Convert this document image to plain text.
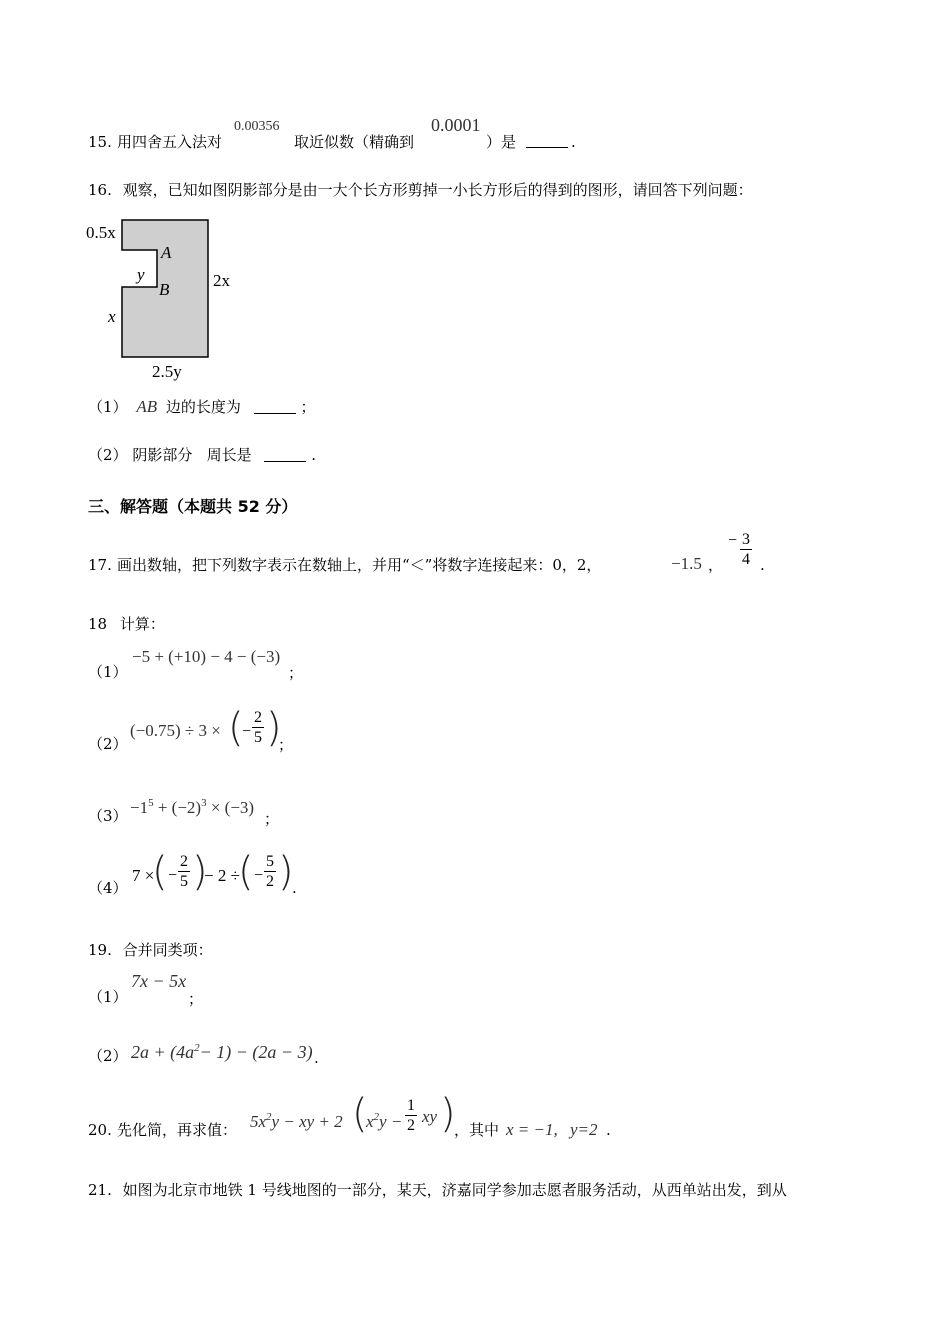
15. 用四舍五入法对
0.00356
取近似数（精确到
0.0001
）是	.
16. 观察，已知如图阴影部分是由一大个长方形剪掉一小长方形后的得到的图形，请回答下列问题：
0.5x
A
y
B	2x
x
2.5y
（1） AB 边的长度为	；
（2） 阴影部分   周长是	.
三、解答题（本题共 52 分）
17. 画出数轴，把下列数字表示在数轴上，并用“＜”将数字连接起来：0，2，	−1.5 ，
− $\frac{3}{4}$ .
18 计算：
（1）
−5 + (+10) − 4 − (−3)
；
（2）
(−0.75) ÷ 3 × (
− $\frac{2}{5}$ )
；
$(3) -1^5 + (-2)^3 \times (-3)$
；
（4）
7 ×
( − $\frac{2}{5}$ )
− 2 ÷
( − $\frac{5}{2}$ )
.
19. 合并同类项：
（1）
7x − 5x
；
（2） $2a + (4a^2- 1) - (2a - 3)$ .
20. 先化简，再求值： $5x^2y$ − xy + 2 (
$x^2y - \frac{1}{2}$ xy )
，其中 x = −1, y=2 .
21. 如图为北京市地铁 1 号线地图的一部分，某天，济嘉同学参加志愿者服务活动，从西单站出发，到从
